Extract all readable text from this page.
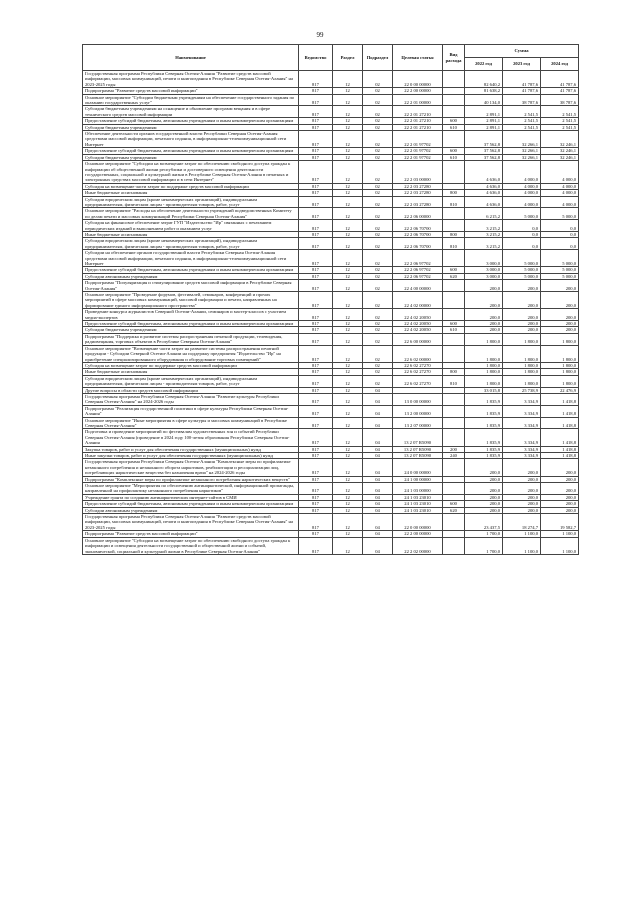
99
Наименование	Ведомство	Раздел	Подраздел	Целевая статья	Вид расхода	Сумма		
						2022 год	2023 год	2024 год
Государственная программа Республики Северная Осетия-Алания "Развитие средств массовой информации, массовых коммуникаций, печати и книгоиздания в Республике Северная Осетия-Алания" на 2023-2025 годы	817	12	02	22 0 00 00000		82 640,2	41 787,6	41 787,6
Подпрограмма "Развитие средств массовой информации"	817	12	02	22 2 00 00000		81 638,2	41 787,6	41 787,6
Основное мероприятие "Субсидии бюджетным учреждениям на обеспечение государственного задания по оказанию государственных услуг"	817	12	02	22 2 01 00000		40 134,0	38 787,6	38 787,6
Субсидии бюджетным учреждениям на оснащение и обновление программ вещания и в сфере технического средств массовой информации	817	12	02	22 2 01 27210		2 891,1	2 541,5	2 541,5
Предоставление субсидий бюджетным, автономным учреждениям и иным некоммерческим организациям	817	12	02	22 2 01 27210	600	2 891,1	2 541,5	2 541,5
Субсидии бюджетным учреждениям	817	12	02	22 2 01 27210	610	2 891,1	2 541,5	2 541,5
Обеспечение деятельности органов государственной власти Республики Северная Осетия-Алания средствами массовой информации, печатного издания, в информационно-телекоммуникационной сети Интернет	817	12	02	22 2 01 97702		37 562,8	32 266,1	32 246,1
Предоставление субсидий бюджетным, автономным учреждениям и иным некоммерческим организациям	817	12	02	22 2 01 97702	600	37 562,8	32 266,1	32 246,1
Субсидии бюджетным учреждениям	817	12	02	22 2 01 97702	610	37 562,8	32 266,1	32 246,1
Основное мероприятие "Субсидии на возмещение затрат по обеспечению свободного доступа граждан к информации об общественной жизни республики и достоверного освещения деятельности государственных, социальной и культурной жизни в Республике Северная Осетия-Алания в печатных и электронных средствах массовой информации и в сети Интернет"	817	12	02	22 2 03 00000		4 636,0	4 000,0	4 000,0
Субсидия на возмещение части затрат по поддержке средств массовой информации	817	12	02	22 2 03 27280		4 636,0	4 000,0	4 000,0
Иные бюджетные ассигнования	817	12	02	22 2 03 27280	800	4 636,0	4 000,0	4 000,0
Субсидии юридическим лицам (кроме некоммерческих организаций), индивидуальным предпринимателям, физическим лицам - производителям товаров, работ, услуг	817	12	02	22 2 03 27280	810	4 636,0	4 000,0	4 000,0
Основное мероприятие "Расходы на обеспечение деятельности учреждений подведомственных Комитету по делам печати и массовых коммуникаций Республики Северная Осетия-Алания"	817	12	02	22 2 06 00000		6 215,2	5 000,0	5 000,0
Субсидия на финансовое обеспечение затрат ГУП "Издательство "Ир" связанных с печатанием периодических изданий и выполнением работ и оказанием услуг	817	12	02	22 2 06 70700		3 215,2	0,0	0,0
Иные бюджетные ассигнования	817	12	02	22 2 06 70700	800	3 215,2	0,0	0,0
Субсидии юридическим лицам (кроме некоммерческих организаций), индивидуальным предпринимателям, физическим лицам - производителям товаров, работ, услуг	817	12	02	22 2 06 70700	810	3 215,2	0,0	0,0
Субсидии на обеспечение органов государственной власти Республики Северная Осетия-Алания средствами массовой информации, печатного издания, в информационно-телекоммуникационной сети Интернет	817	12	02	22 2 06 97702		3 000,0	5 000,0	5 000,0
Предоставление субсидий бюджетным, автономным учреждениям и иным некоммерческим организациям	817	12	02	22 2 06 97702	600	3 000,0	5 000,0	5 000,0
Субсидии автономным учреждениям	817	12	02	22 2 06 97702	620	3 000,0	5 000,0	5 000,0
Подпрограмма "Популяризация и стимулирование средств массовой информации в Республике Северная Осетия-Алания"	817	12	02	22 4 00 00000		200,0	200,0	200,0
Основное мероприятие "Проведение форумов, фестивалей, семинаров, конференций и прочих мероприятий в сфере массовых коммуникаций, массовой информации и печати, направленных на формирование единого информационного пространства"	817	12	02	22 4 02 00000		200,0	200,0	200,0
Проведение конкурса журналистов Северной Осетии-Алании, семинаров и мастер-классов с участием медиа-экспертов	817	12	02	22 4 02 20050		200,0	200,0	200,0
Предоставление субсидий бюджетным, автономным учреждениям и иным некоммерческим организациям	817	12	02	22 4 02 20050	600	200,0	200,0	200,0
Субсидии бюджетным учреждениям	817	12	02	22 4 02 20050	610	200,0	200,0	200,0
Подпрограмма "Поддержка и развитие системы распространения печатной продукции, телевидения, радиовещания, торговых объектов в Республике Северная Осетия-Алания"	817	12	02	22 6 00 00000		1 800,0	1 800,0	1 800,0
Основное мероприятие "Возмещение части затрат на развитие системы распространения печатной продукции - Субсидии Северной Осетии-Алании на поддержку предприятия "Издательство "Ир" на приобретение специализированного оборудования и оборудование торговых помещений"	817	12	02	22 6 02 00000		1 800,0	1 800,0	1 800,0
Субсидия на возмещение затрат по поддержке средств массовой информации	817	12	02	22 6 02 27270		1 800,0	1 800,0	1 800,0
Иные бюджетные ассигнования	817	12	02	22 6 02 27270	800	1 800,0	1 800,0	1 800,0
Субсидии юридическим лицам (кроме некоммерческих организаций), индивидуальным предпринимателям, физическим лицам - производителям товаров, работ, услуг	817	12	02	22 6 02 27270	810	1 800,0	1 800,0	1 800,0
Другие вопросы в области средств массовой информации	817	12	04			33 015,8	25 738,9	22 476,9
Государственная программа Республики Северная Осетия-Алания "Развитие культуры Республики Северная Осетия-Алания" на 2024-2026 годы	817	12	04	13 0 00 00000		1 835,9	3 334,9	1 418,8
Подпрограмма "Реализация государственной политики в сфере культуры Республики Северная Осетия-Алания"	817	12	04	13 2 00 00000		1 835,9	3 334,9	1 418,8
Основное мероприятие "Иные мероприятия в сфере культуры и массовых коммуникаций в Республике Северная Осетия-Алания"	817	12	04	13 2 07 00000		1 835,9	3 334,9	1 418,8
Подготовка и проведение мероприятий по фестивалям художественных зон и событий Республики Северная Осетия-Алания (проведение в 2024 году 100-летия образования Республики Северная Осетия-Алания	817	12	04	13 2 07 R5090		1 835,9	3 334,9	1 418,8
Закупка товаров, работ и услуг для обеспечения государственных (муниципальных) нужд	817	12	04	13 2 07 R5090	200	1 835,9	3 334,9	1 418,8
Иные закупки товаров, работ и услуг для обеспечения государственных (муниципальных) нужд	817	12	04	13 2 07 R5090	240	1 835,9	3 334,9	1 418,8
Государственная программа Республики Северная Осетия-Алания "Комплексные меры по профилактике незаконного потребления и незаконного оборота наркотиков, реабилитации и ресоциализации лиц, потребляющих наркотические вещества без назначения врача" на 2024-2026 годы	817	12	04	24 0 00 00000		200,0	200,0	200,0
Подпрограмма "Комплексные меры по профилактике незаконного потребления наркотических веществ"	817	12	04	24 1 00 00000		200,0	200,0	200,0
Основное мероприятие "Мероприятия по обеспечению антинаркотической, информационной пропаганды, направленной на профилактику незаконного потребления наркотиков"	817	12	04	24 1 03 00000		200,0	200,0	200,0
Учреждение гранта по созданию антинаркотических интернет-сайтов в СМИ	817	12	04	24 1 03 23010		200,0	200,0	200,0
Предоставление субсидий бюджетным, автономным учреждениям и иным некоммерческим организациям	817	12	04	24 1 03 23010	600	200,0	200,0	200,0
Субсидии автономным учреждениям	817	12	04	24 1 03 23010	620	200,0	200,0	200,0
Государственная программа Республики Северная Осетия-Алания "Развитие средств массовой информации, массовых коммуникаций, печати и книгоиздания в Республике Северная Осетия-Алания" на 2023-2025 годы	817	12	04	22 0 00 00000		23 437,5	18 274,7	19 582,7
Подпрограмма "Развитие средств массовой информации"	817	12	04	22 2 00 00000		1 700,0	1 100,0	1 100,0
Основное мероприятие "Субсидии на возмещение затрат по обеспечению свободного доступа граждан к информации и освещения деятельности государственной и общественной жизни и событий, экономической, социальной и культурной жизни в Республике Северная Осетия-Алания"	817	12	04	22 2 02 00000		1 700,0	1 100,0	1 100,0
